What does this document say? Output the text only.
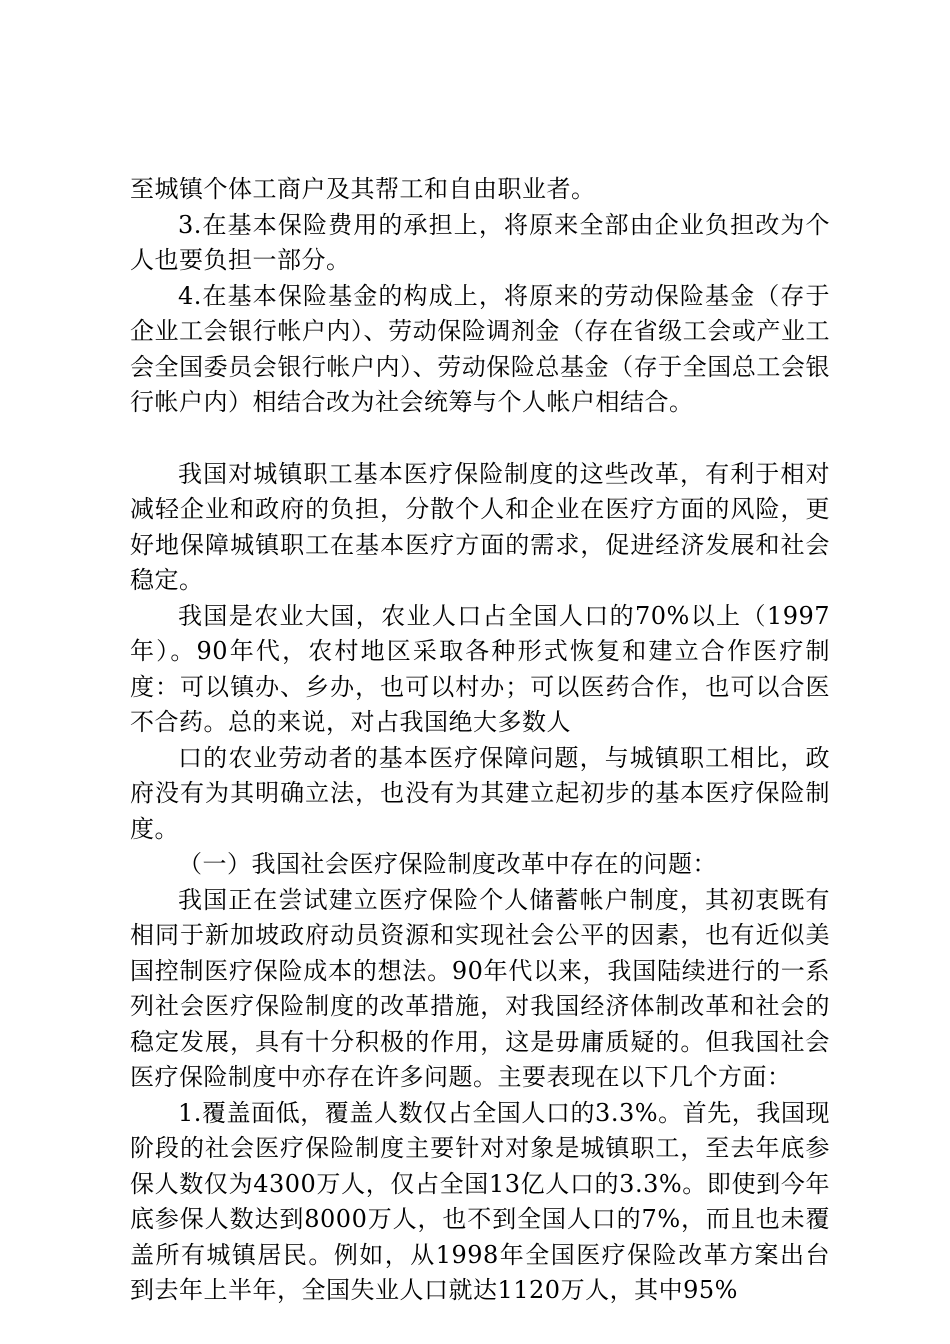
至城镇个体工商户及其帮工和自由职业者。

3.在基本保险费用的承担上，将原来全部由企业负担改为个人也要负担一部分。

4.在基本保险基金的构成上，将原来的劳动保险基金（存于企业工会银行帐户内）、劳动保险调剂金（存在省级工会或产业工会全国委员会银行帐户内）、劳动保险总基金（存于全国总工会银行帐户内）相结合改为社会统筹与个人帐户相结合。

我国对城镇职工基本医疗保险制度的这些改革，有利于相对减轻企业和政府的负担，分散个人和企业在医疗方面的风险，更好地保障城镇职工在基本医疗方面的需求，促进经济发展和社会稳定。

我国是农业大国，农业人口占全国人口的70%以上（1997年）。90年代，农村地区采取各种形式恢复和建立合作医疗制度：可以镇办、乡办，也可以村办；可以医药合作，也可以合医不合药。总的来说，对占我国绝大多数人

口的农业劳动者的基本医疗保障问题，与城镇职工相比，政府没有为其明确立法，也没有为其建立起初步的基本医疗保险制度。

（一）我国社会医疗保险制度改革中存在的问题：

我国正在尝试建立医疗保险个人储蓄帐户制度，其初衷既有相同于新加坡政府动员资源和实现社会公平的因素，也有近似美国控制医疗保险成本的想法。90年代以来，我国陆续进行的一系列社会医疗保险制度的改革措施，对我国经济体制改革和社会的稳定发展，具有十分积极的作用，这是毋庸质疑的。但我国社会医疗保险制度中亦存在许多问题。主要表现在以下几个方面：

1.覆盖面低，覆盖人数仅占全国人口的3.3%。首先，我国现阶段的社会医疗保险制度主要针对对象是城镇职工，至去年底参保人数仅为4300万人，仅占全国13亿人口的3.3%。即使到今年底参保人数达到8000万人，也不到全国人口的7%，而且也未覆盖所有城镇居民。例如，从1998年全国医疗保险改革方案出台到去年上半年，全国失业人口就达1120万人，其中95%
